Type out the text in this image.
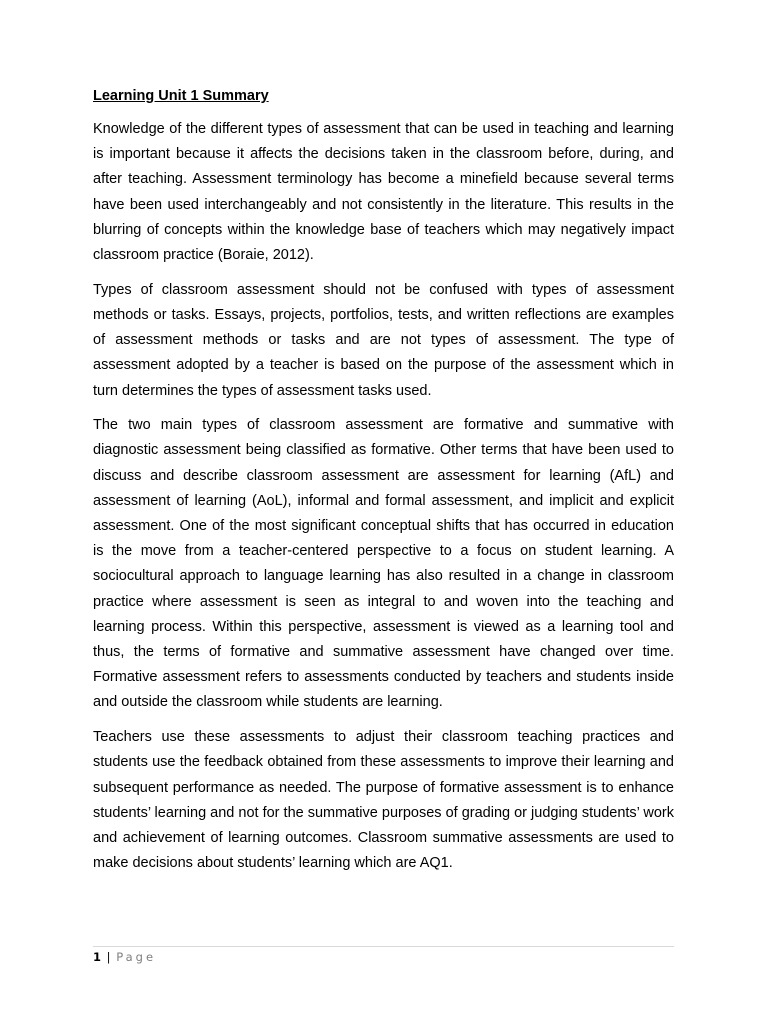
Learning Unit 1 Summary

Knowledge of the different types of assessment that can be used in teaching and learning is important because it affects the decisions taken in the classroom before, during, and after teaching. Assessment terminology has become a minefield because several terms have been used interchangeably and not consistently in the literature. This results in the blurring of concepts within the knowledge base of teachers which may negatively impact classroom practice (Boraie, 2012).

Types of classroom assessment should not be confused with types of assessment methods or tasks. Essays, projects, portfolios, tests, and written reflections are examples of assessment methods or tasks and are not types of assessment. The type of assessment adopted by a teacher is based on the purpose of the assessment which in turn determines the types of assessment tasks used.

The two main types of classroom assessment are formative and summative with diagnostic assessment being classified as formative. Other terms that have been used to discuss and describe classroom assessment are assessment for learning (AfL) and assessment of learning (AoL), informal and formal assessment, and implicit and explicit assessment. One of the most significant conceptual shifts that has occurred in education is the move from a teacher-centered perspective to a focus on student learning. A sociocultural approach to language learning has also resulted in a change in classroom practice where assessment is seen as integral to and woven into the teaching and learning process. Within this perspective, assessment is viewed as a learning tool and thus, the terms of formative and summative assessment have changed over time. Formative assessment refers to assessments conducted by teachers and students inside and outside the classroom while students are learning.

Teachers use these assessments to adjust their classroom teaching practices and students use the feedback obtained from these assessments to improve their learning and subsequent performance as needed. The purpose of formative assessment is to enhance students’ learning and not for the summative purposes of grading or judging students’ work and achievement of learning outcomes. Classroom summative assessments are used to make decisions about students’ learning which are AQ1.

1 | Page
